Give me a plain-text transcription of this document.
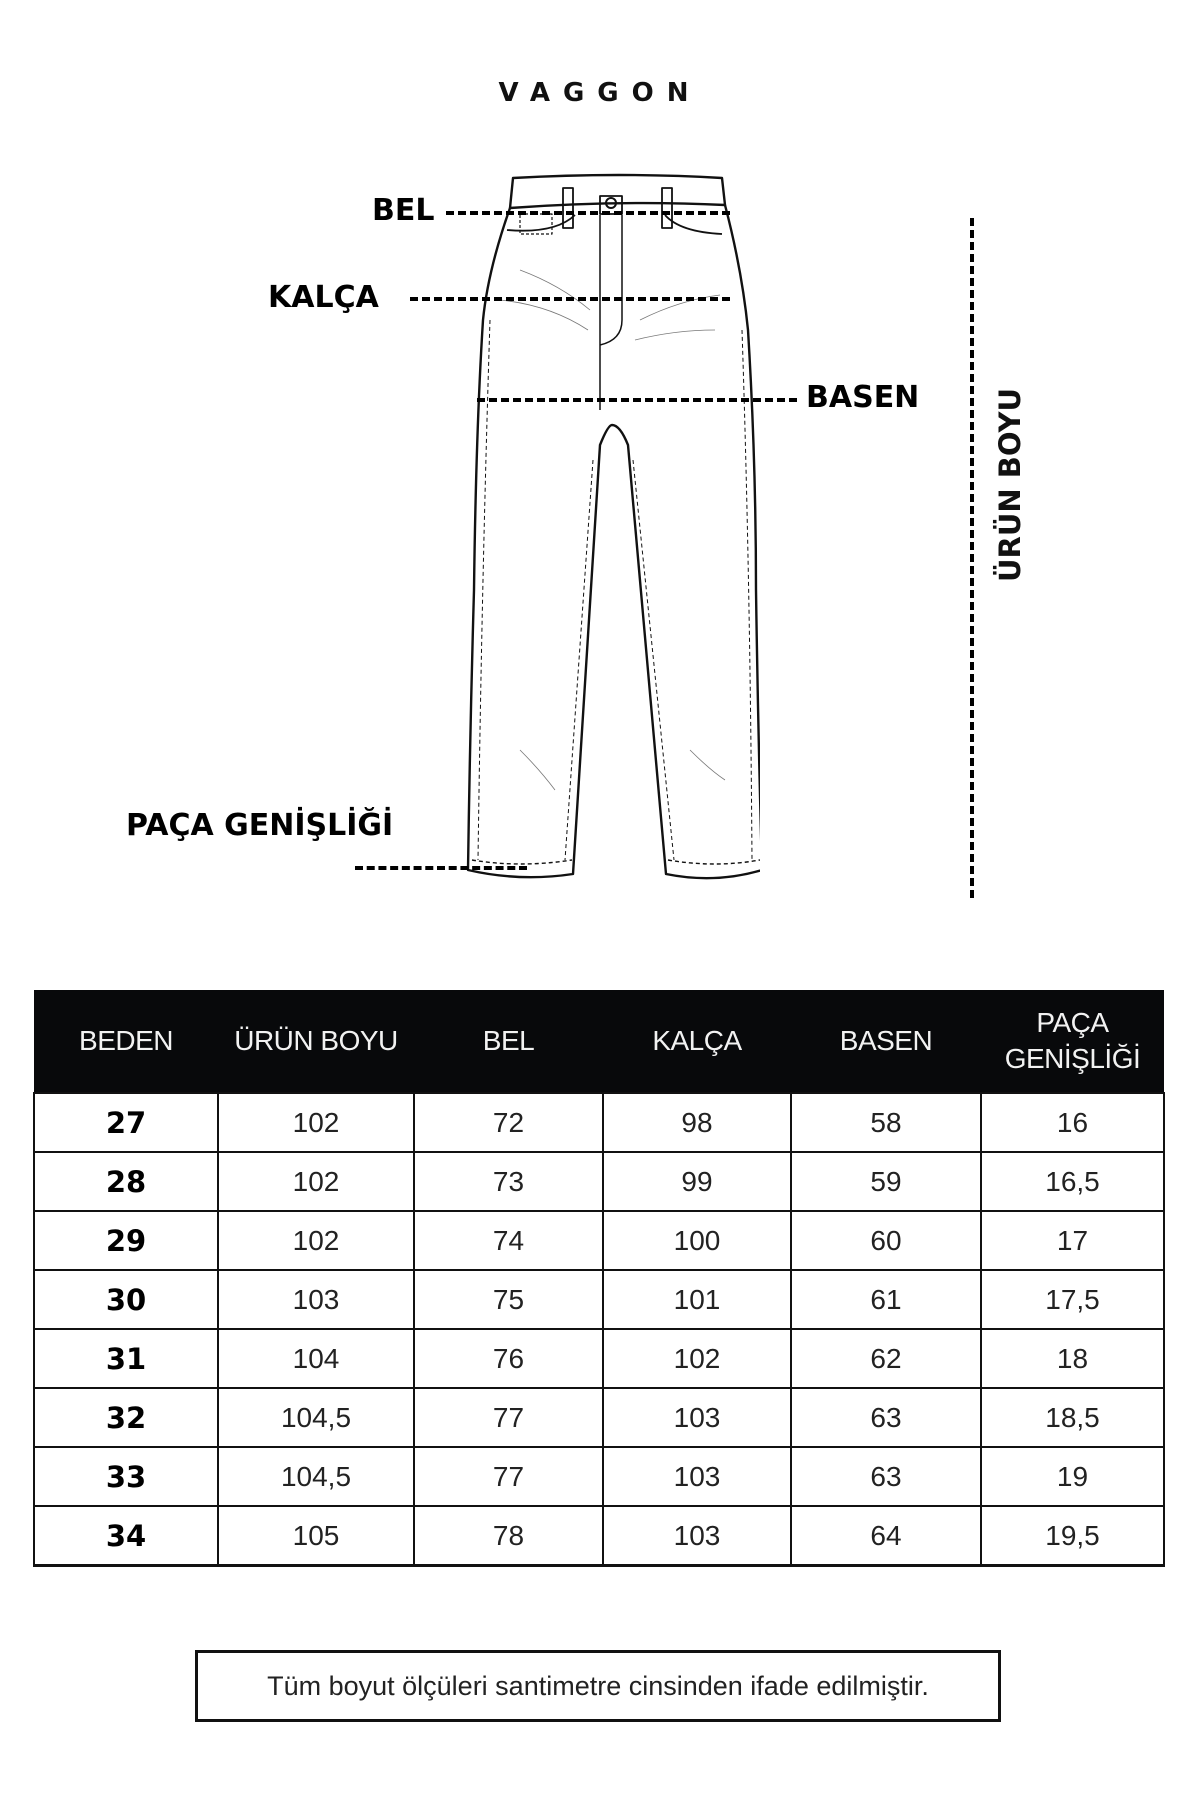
VAGGON
BEL
KALÇA
BASEN
PAÇA GENİŞLİĞİ
ÜRÜN BOYU
BEDEN	ÜRÜN BOYU	BEL	KALÇA	BASEN	PAÇA
GENİŞLİĞİ
27	102	72	98	58	16
28	102	73	99	59	16,5
29	102	74	100	60	17
30	103	75	101	61	17,5
31	104	76	102	62	18
32	104,5	77	103	63	18,5
33	104,5	77	103	63	19
34	105	78	103	64	19,5
Tüm boyut ölçüleri santimetre cinsinden ifade edilmiştir.
